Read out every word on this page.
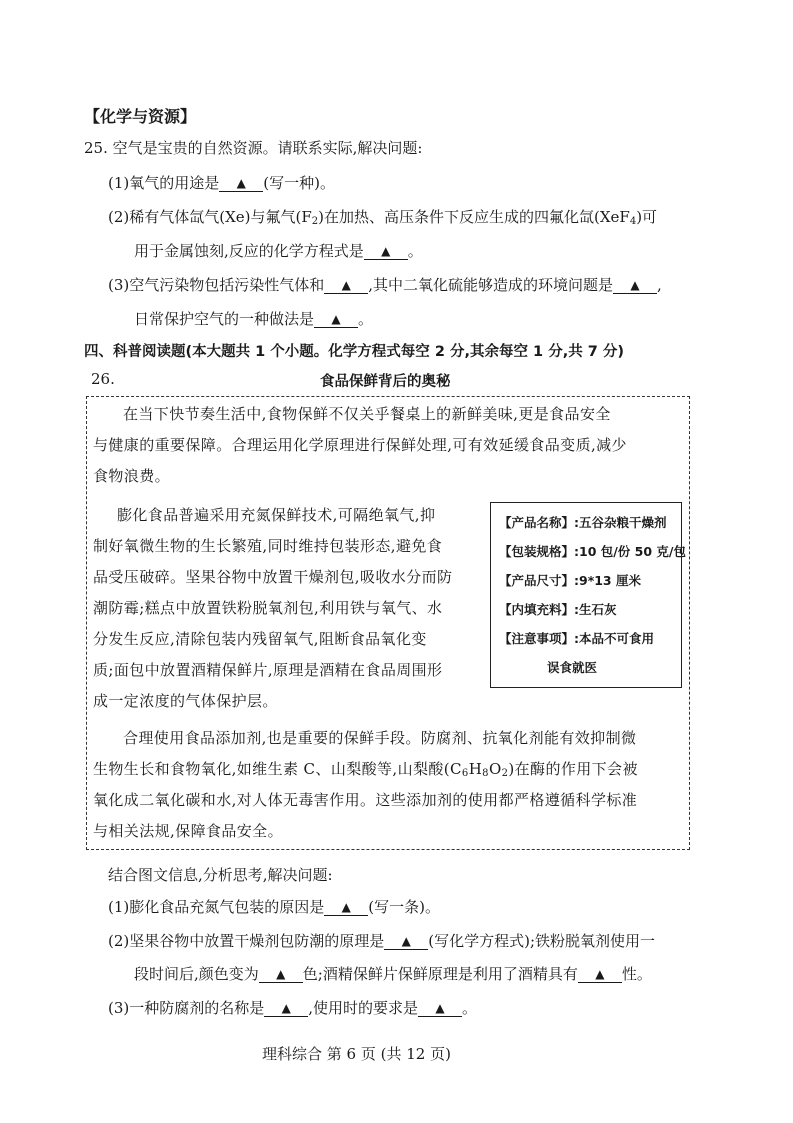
【化学与资源】
25. 空气是宝贵的自然资源。请联系实际,解决问题:
(1)氧气的用途是 ▲ (写一种)。
(2)稀有气体氙气(Xe)与氟气$(F_2)$在加热、高压条件下反应生成的四氟化氙(XeF$_4$)可
用于金属蚀刻,反应的化学方程式是 ▲ 。
(3)空气污染物包括污染性气体和 ▲ ,其中二氧化硫能够造成的环境问题是 ▲ ,
日常保护空气的一种做法是 ▲ 。
四、科普阅读题(本大题共 1 个小题。化学方程式每空 2 分,其余每空 1 分,共 7 分)
26.	食品保鲜背后的奥秘
在当下快节奏生活中,食物保鲜不仅关乎餐桌上的新鲜美味,更是食品安全
与健康的重要保障。合理运用化学原理进行保鲜处理,可有效延缓食品变质,减少
食物浪费。
膨化食品普遍采用充氮保鲜技术,可隔绝氧气,抑
制好氧微生物的生长繁殖,同时维持包装形态,避免食
品受压破碎。坚果谷物中放置干燥剂包,吸收水分而防
潮防霉;糕点中放置铁粉脱氧剂包,利用铁与氧气、水
分发生反应,清除包装内残留氧气,阻断食品氧化变
质;面包中放置酒精保鲜片,原理是酒精在食品周围形
成一定浓度的气体保护层。
合理使用食品添加剂,也是重要的保鲜手段。防腐剂、抗氧化剂能有效抑制微
生物生长和食物氧化,如维生素 C、山梨酸等,山梨酸$(C_6H_8O_2)$在酶的作用下会被
氧化成二氧化碳和水,对人体无毒害作用。这些添加剂的使用都严格遵循科学标准
与相关法规,保障食品安全。
【产品名称】:五谷杂粮干燥剂
【包装规格】:10 包/份 50 克/包
【产品尺寸】:9*13 厘米
【内填充料】:生石灰
【注意事项】:本品不可食用
误食就医
结合图文信息,分析思考,解决问题:
(1)膨化食品充氮气包装的原因是 ▲ (写一条)。
(2)坚果谷物中放置干燥剂包防潮的原理是 ▲ (写化学方程式);铁粉脱氧剂使用一
段时间后,颜色变为 ▲ 色;酒精保鲜片保鲜原理是利用了酒精具有 ▲ 性。
(3)一种防腐剂的名称是 ▲ ,使用时的要求是 ▲ 。
理科综合 第 6 页 (共 12 页)
